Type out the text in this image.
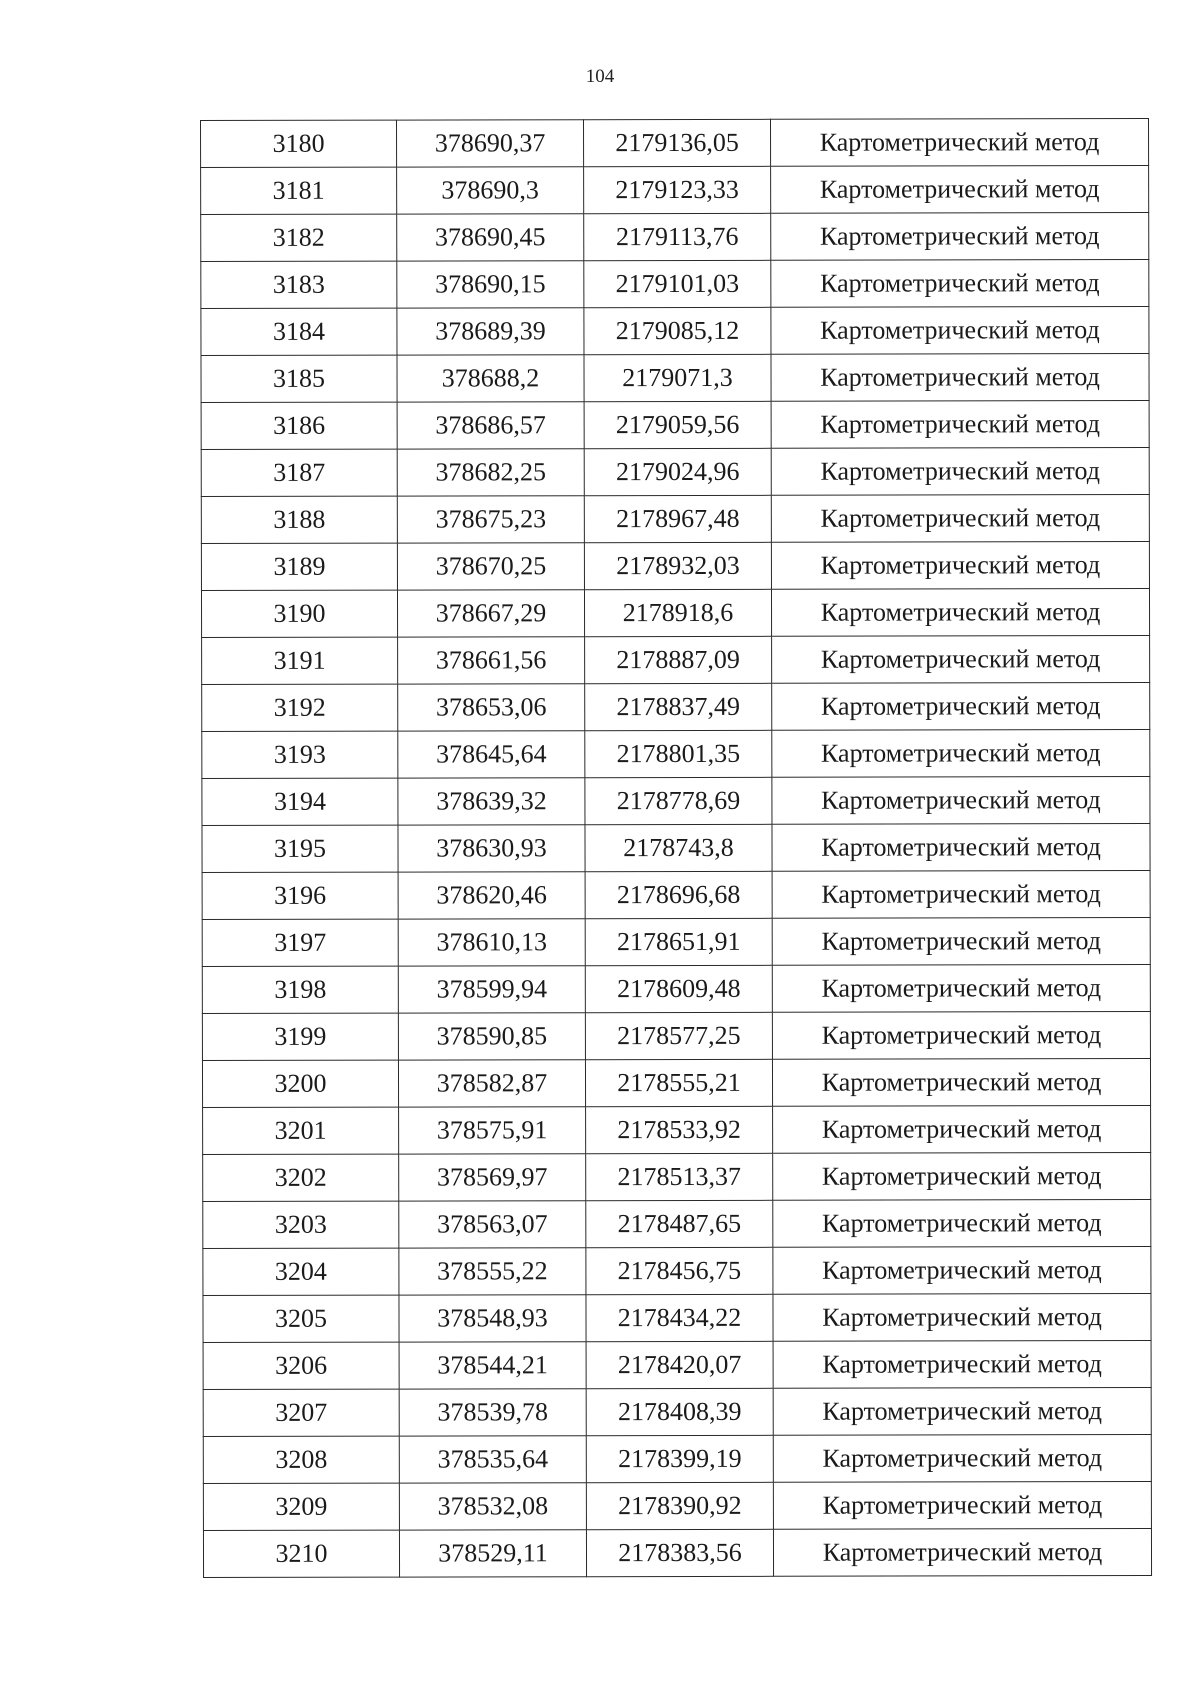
104
3180	378690,37	2179136,05	Картометрический метод
3181	378690,3	2179123,33	Картометрический метод
3182	378690,45	2179113,76	Картометрический метод
3183	378690,15	2179101,03	Картометрический метод
3184	378689,39	2179085,12	Картометрический метод
3185	378688,2	2179071,3	Картометрический метод
3186	378686,57	2179059,56	Картометрический метод
3187	378682,25	2179024,96	Картометрический метод
3188	378675,23	2178967,48	Картометрический метод
3189	378670,25	2178932,03	Картометрический метод
3190	378667,29	2178918,6	Картометрический метод
3191	378661,56	2178887,09	Картометрический метод
3192	378653,06	2178837,49	Картометрический метод
3193	378645,64	2178801,35	Картометрический метод
3194	378639,32	2178778,69	Картометрический метод
3195	378630,93	2178743,8	Картометрический метод
3196	378620,46	2178696,68	Картометрический метод
3197	378610,13	2178651,91	Картометрический метод
3198	378599,94	2178609,48	Картометрический метод
3199	378590,85	2178577,25	Картометрический метод
3200	378582,87	2178555,21	Картометрический метод
3201	378575,91	2178533,92	Картометрический метод
3202	378569,97	2178513,37	Картометрический метод
3203	378563,07	2178487,65	Картометрический метод
3204	378555,22	2178456,75	Картометрический метод
3205	378548,93	2178434,22	Картометрический метод
3206	378544,21	2178420,07	Картометрический метод
3207	378539,78	2178408,39	Картометрический метод
3208	378535,64	2178399,19	Картометрический метод
3209	378532,08	2178390,92	Картометрический метод
3210	378529,11	2178383,56	Картометрический метод
